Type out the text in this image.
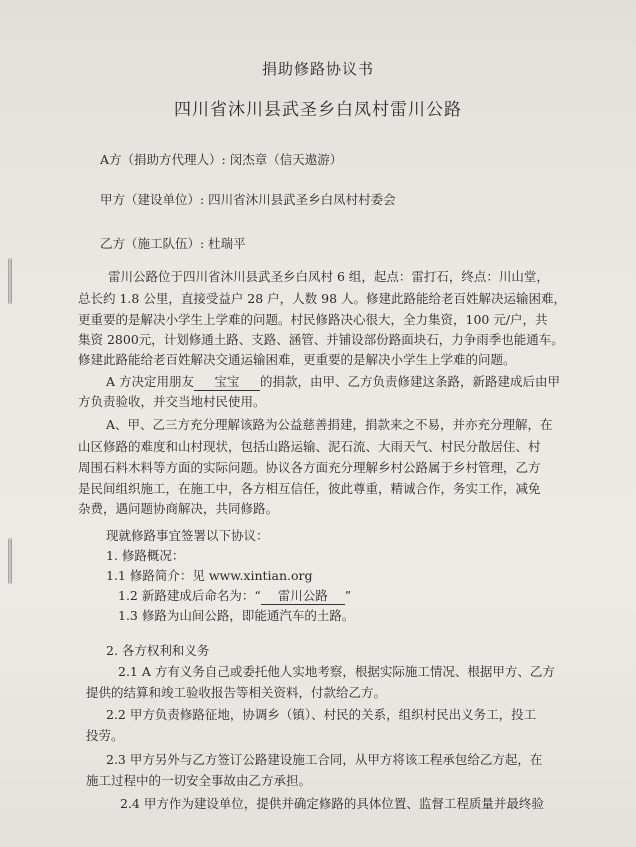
捐助修路协议书
四川省沐川县武圣乡白凤村雷川公路
A方（捐助方代理人）: 闵杰章（信天遨游）
甲方（建设单位）: 四川省沐川县武圣乡白凤村村委会
乙方（施工队伍）: 杜瑞平
雷川公路位于四川省沐川县武圣乡白凤村 6 组，起点：雷打石，终点：川山堂，
总长约 1.8 公里，直接受益户 28 户，人数 98 人。修建此路能给老百姓解决运输困难，
更重要的是解决小学生上学难的问题。村民修路决心很大，全力集资，100 元/户，共
集资 2800元，计划修通土路、支路、涵管、并铺设部份路面块石，力争雨季也能通车。
修建此路能给老百姓解决交通运输困难，更重要的是解决小学生上学难的问题。
A 方决定用朋友 宝宝 的捐款，由甲、乙方负责修建这条路，新路建成后由甲
方负责验收，并交当地村民使用。
A、甲、乙三方充分理解该路为公益慈善捐建，捐款来之不易，并亦充分理解，在
山区修路的难度和山村现状，包括山路运输、泥石流、大雨天气、村民分散居住、村
周围石料木料等方面的实际问题。协议各方面充分理解乡村公路属于乡村管理，乙方
是民间组织施工，在施工中，各方相互信任，彼此尊重，精诚合作，务实工作，减免
杂费，遇问题协商解决，共同修路。
现就修路事宜签署以下协议：
1. 修路概况：
1.1 修路简介：见 www.xintian.org
1.2 新路建成后命名为：“ 雷川公路 ”
1.3 修路为山间公路，即能通汽车的土路。
2. 各方权利和义务
2.1 A 方有义务自己或委托他人实地考察，根据实际施工情况、根据甲方、乙方
提供的结算和竣工验收报告等相关资料，付款给乙方。
2.2 甲方负责修路征地，协调乡（镇）、村民的关系，组织村民出义务工，投工
投劳。
2.3 甲方另外与乙方签订公路建设施工合同，从甲方将该工程承包给乙方起，在
施工过程中的一切安全事故由乙方承担。
2.4 甲方作为建设单位，提供并确定修路的具体位置、监督工程质量并最终验
